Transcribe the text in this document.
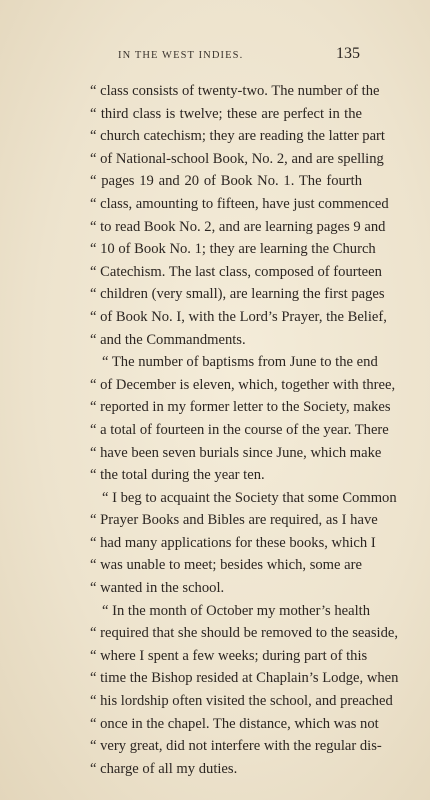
IN THE WEST INDIES.	135
“ class consists of twenty-two. The number of the
“ third class is twelve; these are perfect in the
“ church catechism; they are reading the latter part
“ of National-school Book, No. 2, and are spelling
“ pages 19 and 20 of Book No. 1. The fourth
“ class, amounting to fifteen, have just commenced
“ to read Book No. 2, and are learning pages 9 and
“ 10 of Book No. 1; they are learning the Church
“ Catechism. The last class, composed of fourteen
“ children (very small), are learning the first pages
“ of Book No. I, with the Lord’s Prayer, the Belief,
“ and the Commandments.
“ The number of baptisms from June to the end
“ of December is eleven, which, together with three,
“ reported in my former letter to the Society, makes
“ a total of fourteen in the course of the year. There
“ have been seven burials since June, which make
“ the total during the year ten.
“ I beg to acquaint the Society that some Common
“ Prayer Books and Bibles are required, as I have
“ had many applications for these books, which I
“ was unable to meet; besides which, some are
“ wanted in the school.
“ In the month of October my mother’s health
“ required that she should be removed to the seaside,
“ where I spent a few weeks; during part of this
“ time the Bishop resided at Chaplain’s Lodge, when
“ his lordship often visited the school, and preached
“ once in the chapel. The distance, which was not
“ very great, did not interfere with the regular dis-
“ charge of all my duties.
